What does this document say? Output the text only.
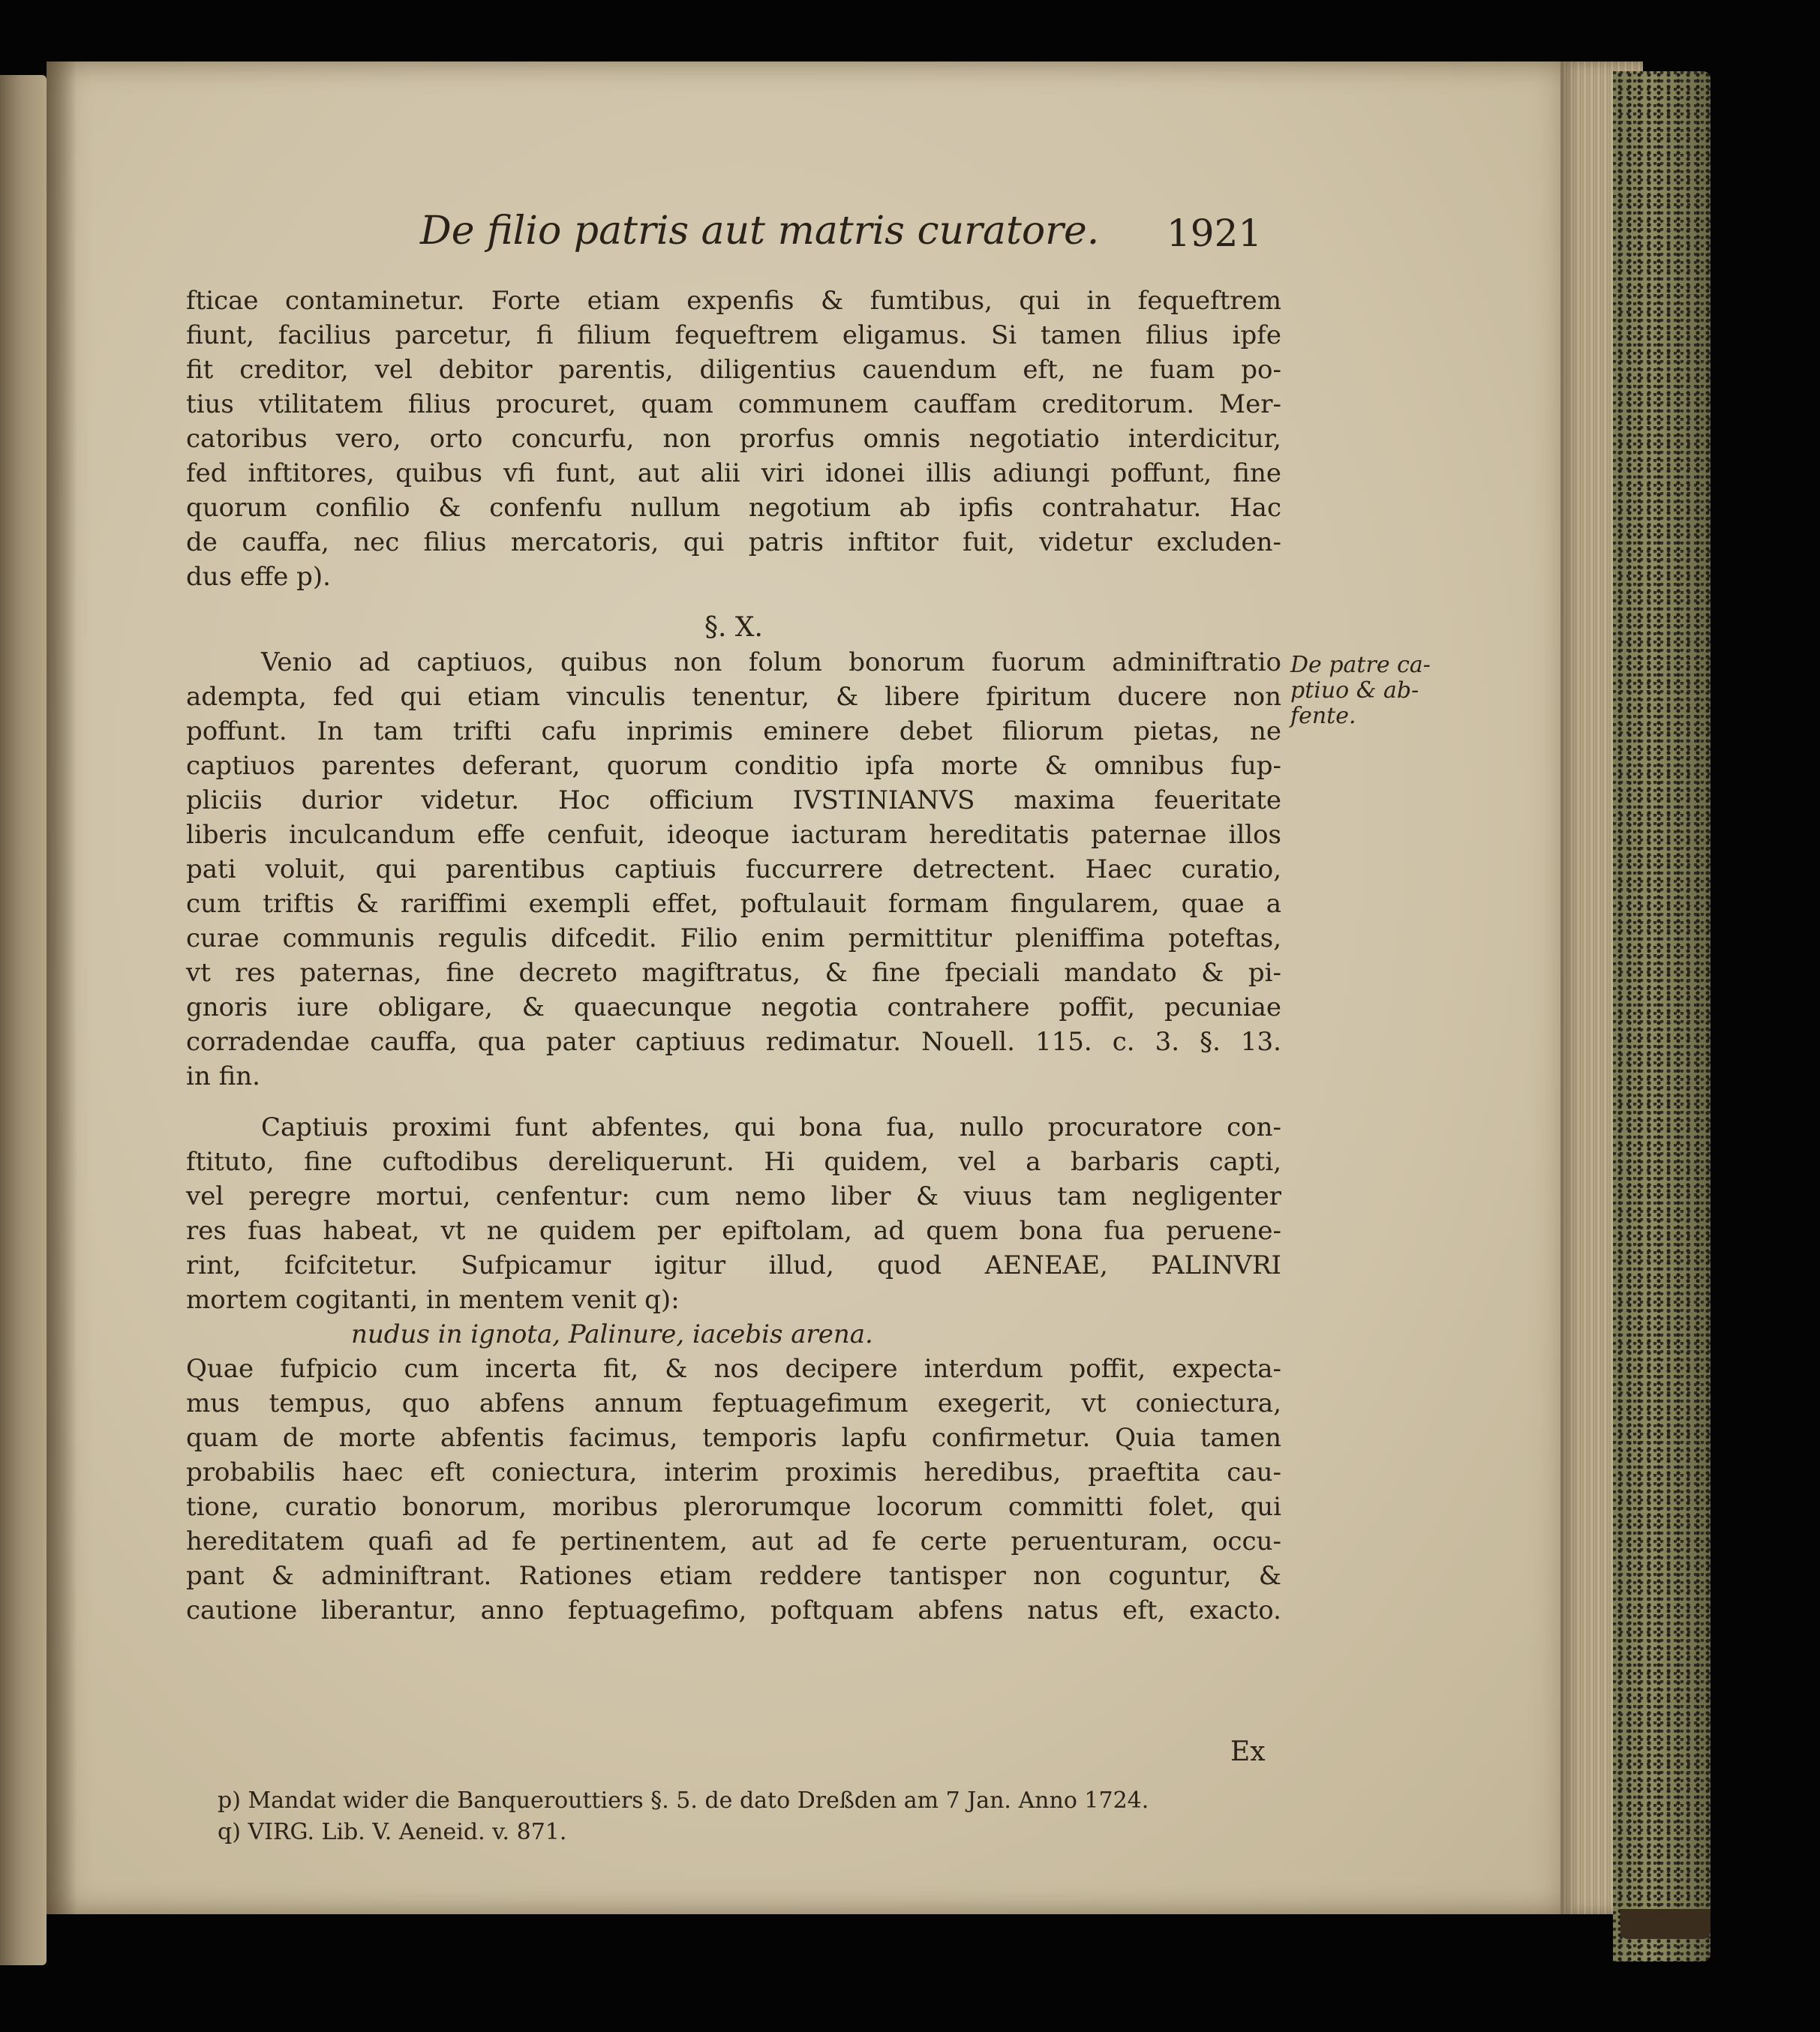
De filio patris aut matris curatore.	1921
fticae contaminetur. Forte etiam expenfis & fumtibus, qui in fequeftrem
fiunt, facilius parcetur, fi filium fequeftrem eligamus. Si tamen filius ipfe
fit creditor, vel debitor parentis, diligentius cauendum eft, ne fuam po-
tius vtilitatem filius procuret, quam communem cauffam creditorum. Mer-
catoribus vero, orto concurfu, non prorfus omnis negotiatio interdicitur,
fed inftitores, quibus vfi funt, aut alii viri idonei illis adiungi poffunt, fine
quorum confilio & confenfu nullum negotium ab ipfis contrahatur. Hac
de cauffa, nec filius mercatoris, qui patris inftitor fuit, videtur excluden-
dus effe p).
§. X.
Venio ad captiuos, quibus non folum bonorum fuorum adminiftratio
adempta, fed qui etiam vinculis tenentur, & libere fpiritum ducere non
poffunt. In tam trifti cafu inprimis eminere debet filiorum pietas, ne
captiuos parentes deferant, quorum conditio ipfa morte & omnibus fup-
pliciis durior videtur. Hoc officium IVSTINIANVS maxima feueritate
liberis inculcandum effe cenfuit, ideoque iacturam hereditatis paternae illos
pati voluit, qui parentibus captiuis fuccurrere detrectent. Haec curatio,
cum triftis & rariffimi exempli effet, poftulauit formam fingularem, quae a
curae communis regulis difcedit. Filio enim permittitur pleniffima poteftas,
vt res paternas, fine decreto magiftratus, & fine fpeciali mandato & pi-
gnoris iure obligare, & quaecunque negotia contrahere poffit, pecuniae
corradendae cauffa, qua pater captiuus redimatur. Nouell. 115. c. 3. §. 13.
in fin.
Captiuis proximi funt abfentes, qui bona fua, nullo procuratore con-
ftituto, fine cuftodibus dereliquerunt. Hi quidem, vel a barbaris capti,
vel peregre mortui, cenfentur: cum nemo liber & viuus tam negligenter
res fuas habeat, vt ne quidem per epiftolam, ad quem bona fua peruene-
rint, fcifcitetur. Sufpicamur igitur illud, quod AENEAE, PALINVRI
mortem cogitanti, in mentem venit q):
nudus in ignota, Palinure, iacebis arena.
Quae fufpicio cum incerta fit, & nos decipere interdum poffit, expecta-
mus tempus, quo abfens annum feptuagefimum exegerit, vt coniectura,
quam de morte abfentis facimus, temporis lapfu confirmetur. Quia tamen
probabilis haec eft coniectura, interim proximis heredibus, praeftita cau-
tione, curatio bonorum, moribus plerorumque locorum committi folet, qui
hereditatem quafi ad fe pertinentem, aut ad fe certe peruenturam, occu-
pant & adminiftrant. Rationes etiam reddere tantisper non coguntur, &
cautione liberantur, anno feptuagefimo, poftquam abfens natus eft, exacto.
De patre ca-
ptiuo & ab-
fente.
Ex
p) Mandat wider die Banquerouttiers §. 5. de dato Dreßden am 7 Jan. Anno 1724.
q) VIRG. Lib. V. Aeneid. v. 871.
